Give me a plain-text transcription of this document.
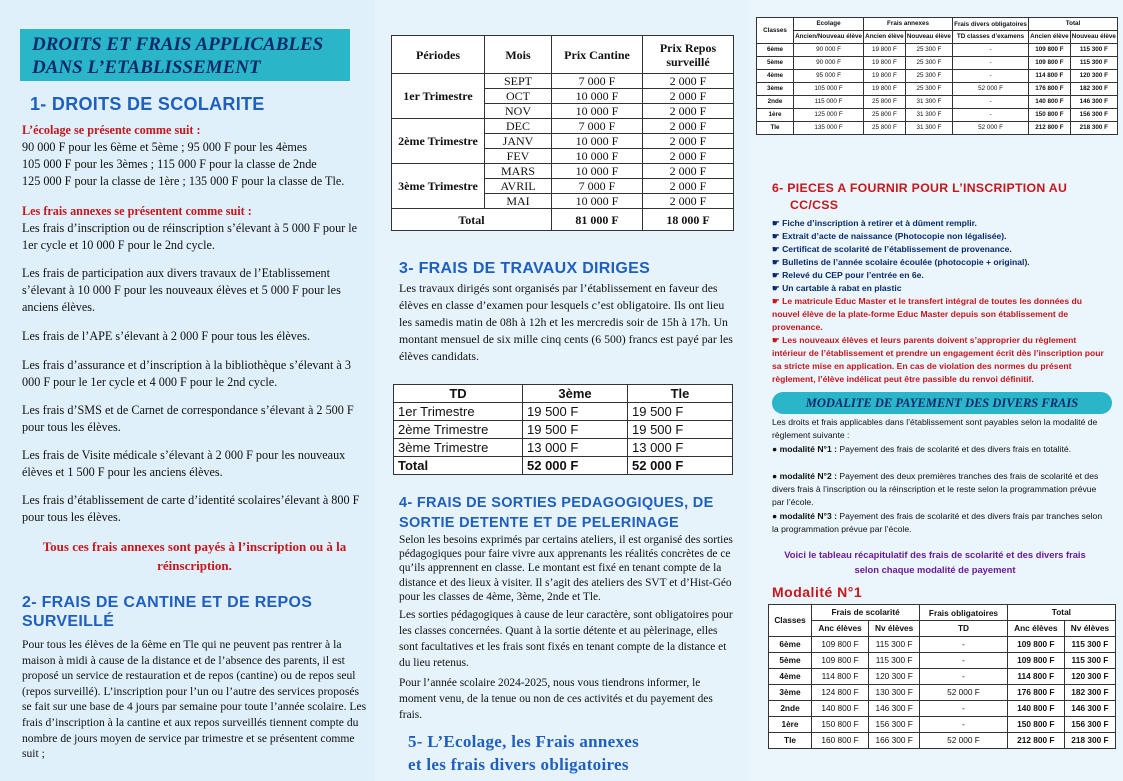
DROITS ET FRAIS APPLICABLES
DANS L’ETABLISSEMENT
1- DROITS DE SCOLARITE
L’écolage se présente comme suit :
90 000 F pour les 6ème et 5ème ; 95 000 F pour les 4èmes
105 000 F pour les 3èmes ; 115 000 F pour la classe de 2nde
125 000 F pour la classe de 1ère ; 135 000 F pour la classe de Tle.
Les frais annexes se présentent comme suit :
Les frais d’inscription ou de réinscription s’élevant à 5 000 F pour le 1er cycle et 10 000 F pour le 2nd cycle.
Les frais de participation aux divers travaux de l’Etablissement s’élevant à 10 000 F pour les nouveaux élèves et 5 000 F pour les anciens élèves.
Les frais de l’APE s’élevant à 2 000 F pour tous les élèves.
Les frais d’assurance et d’inscription à la bibliothèque s’élevant à 3 000 F pour le 1er cycle et 4 000 F pour le 2nd cycle.
Les frais d’SMS et de Carnet de correspondance s’élevant à 2 500 F pour tous les élèves.
Les frais de Visite médicale s’élevant à 2 000 F pour les nouveaux élèves et 1 500 F pour les anciens élèves.
Les frais d’établissement de carte d’identité scolaires’élevant à 800 F pour tous les élèves.
Tous ces frais annexes sont payés à l’inscription ou à la réinscription.
2- FRAIS DE CANTINE ET DE REPOS SURVEILLÉ
Pour tous les élèves de la 6ème en Tle qui ne peuvent pas rentrer à la maison à midi à cause de la distance et de l’absence des parents, il est proposé un service de restauration et de repos (cantine) ou de repos seul (repos surveillé). L’inscription pour l’un ou l’autre des services proposés se fait sur une base de 4 jours par semaine pour toute l’année scolaire. Les frais d’inscription à la cantine et aux repos surveillés tiennent compte du nombre de jours moyen de service par trimestre et se présentent comme suit ;
Périodes	Mois	Prix Cantine	Prix Repos surveillé
1er Trimestre	SEPT	7 000 F	2 000 F
	OCT	10 000 F	2 000 F
	NOV	10 000 F	2 000 F
2ème Trimestre	DEC	7 000 F	2 000 F
	JANV	10 000 F	2 000 F
	FEV	10 000 F	2 000 F
3ème Trimestre	MARS	10 000 F	2 000 F
	AVRIL	7 000 F	2 000 F
	MAI	10 000 F	2 000 F
Total		81 000 F	18 000 F
3- FRAIS DE TRAVAUX DIRIGES
Les travaux dirigés sont organisés par l’établissement en faveur des élèves en classe d’examen pour lesquels c’est obligatoire. Ils ont lieu les samedis matin de 08h à 12h et les mercredis soir de 15h à 17h. Un montant mensuel de six mille cinq cents (6 500) francs est payé par les élèves candidats.
TD	3ème	Tle
1er Trimestre	19 500 F	19 500 F
2ème Trimestre	19 500 F	19 500 F
3ème Trimestre	13 000 F	13 000 F
Total	52 000 F	52 000 F
4- FRAIS DE SORTIES PEDAGOGIQUES, DE
SORTIE DETENTE ET DE PELERINAGE
Selon les besoins exprimés par certains ateliers, il est organisé des sorties pédagogiques pour faire vivre aux apprenants les réalités concrètes de ce qu’ils apprennent en classe. Le montant est fixé en tenant compte de la distance et des lieux à visiter. Il s’agit des ateliers des SVT et d’Hist-Géo pour les classes de 4ème, 3ème, 2nde et Tle.
Les sorties pédagogiques à cause de leur caractère, sont obligatoires pour les classes concernées. Quant à la sortie détente et au pèlerinage, elles sont facultatives et les frais sont fixés en tenant compte de la distance et du lieu retenus.
Pour l’année scolaire 2024-2025, nous vous tiendrons informer, le moment venu, de la tenue ou non de ces activités et du payement des frais.
5- L’Ecolage, les Frais annexes
et les frais divers obligatoires
Classes	Ecolage	Frais annexes		Frais divers obligatoires	Total	
	Ancien/Nouveau élève	Ancien élève	Nouveau élève	TD classes d’examens	Ancien élève	Nouveau élève
6ème	90 000 F	19 800 F	25 300 F	-	109 800 F	115 300 F
5ème	90 000 F	19 800 F	25 300 F	-	109 800 F	115 300 F
4ème	95 000 F	19 800 F	25 300 F	-	114 800 F	120 300 F
3ème	105 000 F	19 800 F	25 300 F	52 000 F	176 800 F	182 300 F
2nde	115 000 F	25 800 F	31 300 F	-	140 800 F	146 300 F
1ère	125 000 F	25 800 F	31 300 F	-	150 800 F	156 300 F
Tle	135 000 F	25 800 F	31 300 F	52 000 F	212 800 F	218 300 F
6- PIECES A FOURNIR POUR L’INSCRIPTION AU
CC/CSS
☛ Fiche d’inscription à retirer et à dûment remplir.
☛ Extrait d’acte de naissance (Photocopie non légalisée).
☛ Certificat de scolarité de l’établissement de provenance.
☛ Bulletins de l’année scolaire écoulée (photocopie + original).
☛ Relevé du CEP pour l’entrée en 6e.
☛ Un cartable à rabat en plastic
☛ Le matricule Educ Master et le transfert intégral de toutes les données du nouvel élève de la plate-forme Educ Master depuis son établissement de provenance.
☛ Les nouveaux élèves et leurs parents doivent s’approprier du règlement intérieur de l’établissement et prendre un engagement écrit dès l’inscription pour sa stricte mise en application. En cas de violation des normes du présent règlement, l’élève indélicat peut être passible du renvoi définitif.
MODALITE DE PAYEMENT DES DIVERS FRAIS
Les droits et frais applicables dans l’établissement sont payables selon la modalité de règlement suivante :
● modalité N°1 : Payement des frais de scolarité et des divers frais en totalité.
● modalité N°2 : Payement des deux premières tranches des frais de scolarité et des divers frais à l’inscription ou la réinscription et le reste selon la programmation prévue par l’école.
● modalité N°3 : Payement des frais de scolarité et des divers frais par tranches selon la programmation prévue par l’école.
Voici le tableau récapitulatif des frais de scolarité et des divers frais selon chaque modalité de payement
Modalité N°1
Classes	Frais de scolarité		Frais obligatoires	Total	
	Anc élèves	Nv élèves	TD	Anc élèves	Nv élèves
6ème	109 800 F	115 300 F	-	109 800 F	115 300 F
5ème	109 800 F	115 300 F	-	109 800 F	115 300 F
4ème	114 800 F	120 300 F	-	114 800 F	120 300 F
3ème	124 800 F	130 300 F	52 000 F	176 800 F	182 300 F
2nde	140 800 F	146 300 F	-	140 800 F	146 300 F
1ère	150 800 F	156 300 F	-	150 800 F	156 300 F
Tle	160 800 F	166 300 F	52 000 F	212 800 F	218 300 F
